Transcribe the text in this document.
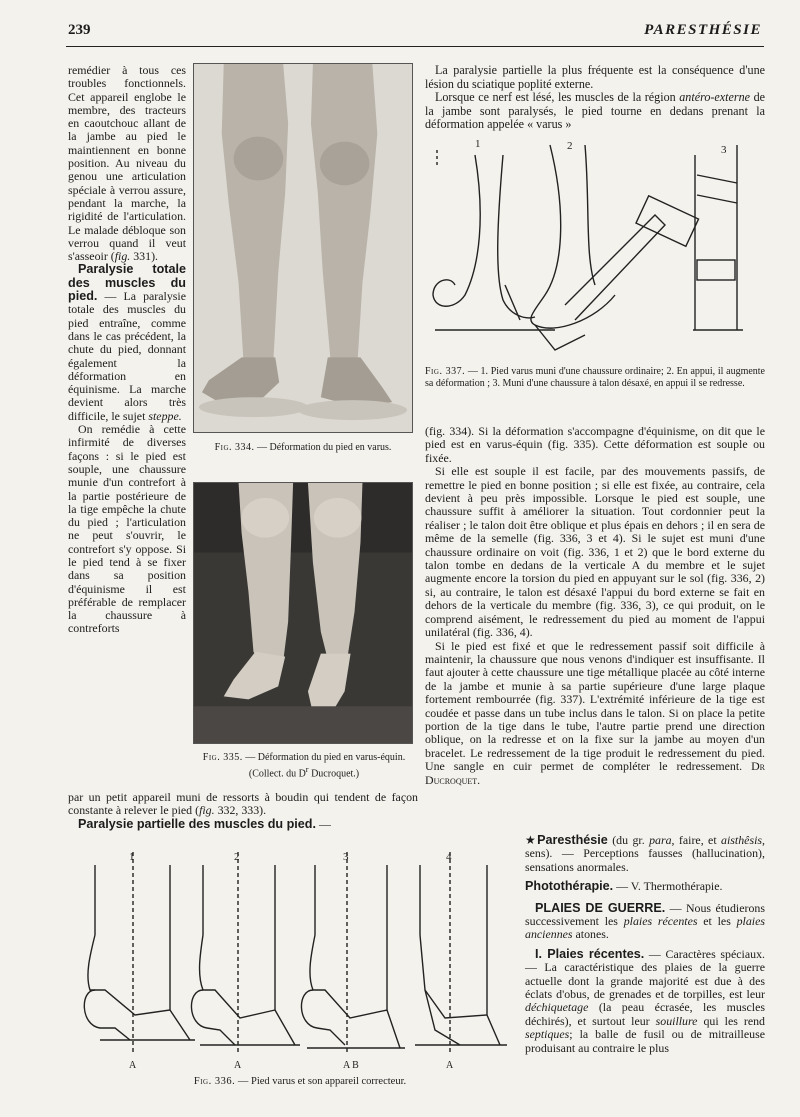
239	PARESTHÉSIE

remédier à tous ces troubles fonctionnels. Cet appareil englobe le membre, des tracteurs en caoutchouc allant de la jambe au pied le maintiennent en bonne position. Au niveau du genou une articulation spéciale à verrou assure, pendant la marche, la rigidité de l'articulation. Le malade débloque son verrou quand il veut s'asseoir (fig. 331).

Paralysie totale des muscles du pied. — La paralysie totale des muscles du pied entraîne, comme dans le cas précédent, la chute du pied, donnant également la déformation en équinisme. La marche devient alors très difficile, le sujet steppe.

On remédie à cette infirmité de diverses façons : si le pied est souple, une chaussure munie d'un contrefort à la partie postérieure de la tige empêche la chute du pied ; l'articulation ne peut s'ouvrir, le contrefort s'y oppose. Si le pied tend à se fixer dans sa position d'équinisme il est préférable de remplacer la chaussure à contreforts

Fig. 334. — Déformation du pied en varus.
Fig. 335. — Déformation du pied en varus-équin. (Collect. du $D^r$ Ducroquet.)

par un petit appareil muni de ressorts à boudin qui tendent de façon constante à relever le pied (fig. 332, 333).

Paralysie partielle des muscles du pied. —

La paralysie partielle la plus fréquente est la conséquence d'une lésion du sciatique poplité externe.

Lorsque ce nerf est lésé, les muscles de la région antéro-externe de la jambe sont paralysés, le pied tourne en dedans prenant la déformation appelée « varus »

1	2	3
Fig. 337. — 1. Pied varus muni d'une chaussure ordinaire; 2. En appui, il augmente sa déformation ; 3. Muni d'une chaussure à talon désaxé, en appui il se redresse.

(fig. 334). Si la déformation s'accompagne d'équinisme, on dit que le pied est en varus-équin (fig. 335). Cette déformation est souple ou fixée.

Si elle est souple il est facile, par des mouvements passifs, de remettre le pied en bonne position ; si elle est fixée, au contraire, cela devient à peu près impossible. Lorsque le pied est souple, une chaussure suffit à améliorer la situation. Tout cordonnier peut la réaliser ; le talon doit être oblique et plus épais en dehors ; il en sera de même de la semelle (fig. 336, 3 et 4). Si le sujet est muni d'une chaussure ordinaire on voit (fig. 336, 1 et 2) que le bord externe du talon tombe en dedans de la verticale A du membre et le sujet augmente encore la torsion du pied en appuyant sur le sol (fig. 336, 2) si, au contraire, le talon est désaxé l'appui du bord externe se fait en dehors de la verticale du membre (fig. 336, 3), ce qui produit, on le comprend aisément, le redressement du pied au moment de l'appui unilatéral (fig. 336, 4).

Si le pied est fixé et que le redressement passif soit difficile à maintenir, la chaussure que nous venons d'indiquer est insuffisante. Il faut ajouter à cette chaussure une tige métallique placée au côté interne de la jambe et munie à sa partie supérieure d'une large plaque fortement rembourrée (fig. 337). L'extrémité inférieure de la tige est coudée et passe dans un tube inclus dans le talon. Si on place la petite portion de la tige dans le tube, l'autre partie prend une direction oblique, on la redresse et on la fixe sur la jambe au moyen d'un bracelet. Le redressement de la tige produit le redressement du pied. Une sangle en cuir permet de compléter le redressement. Dr Ducroquet.

★Paresthésie (du gr. para, faire, et aisthêsis, sens). — Perceptions fausses (hallucination), sensations anormales.

Photothérapie. — V. Thermothérapie.

PLAIES DE GUERRE. — Nous étudierons successivement les plaies récentes et les plaies anciennes atones.

I. Plaies récentes. — Caractères spéciaux. — La caractéristique des plaies de la guerre actuelle dont la grande majorité est due à des éclats d'obus, de grenades et de torpilles, est leur déchiquetage (la peau écrasée, les muscles déchirés), et surtout leur souillure qui les rend septiques; la balle de fusil ou de mitrailleuse produisant au contraire le plus

1	2	3	4
A	A	A B	A
Fig. 336. — Pied varus et son appareil correcteur.
